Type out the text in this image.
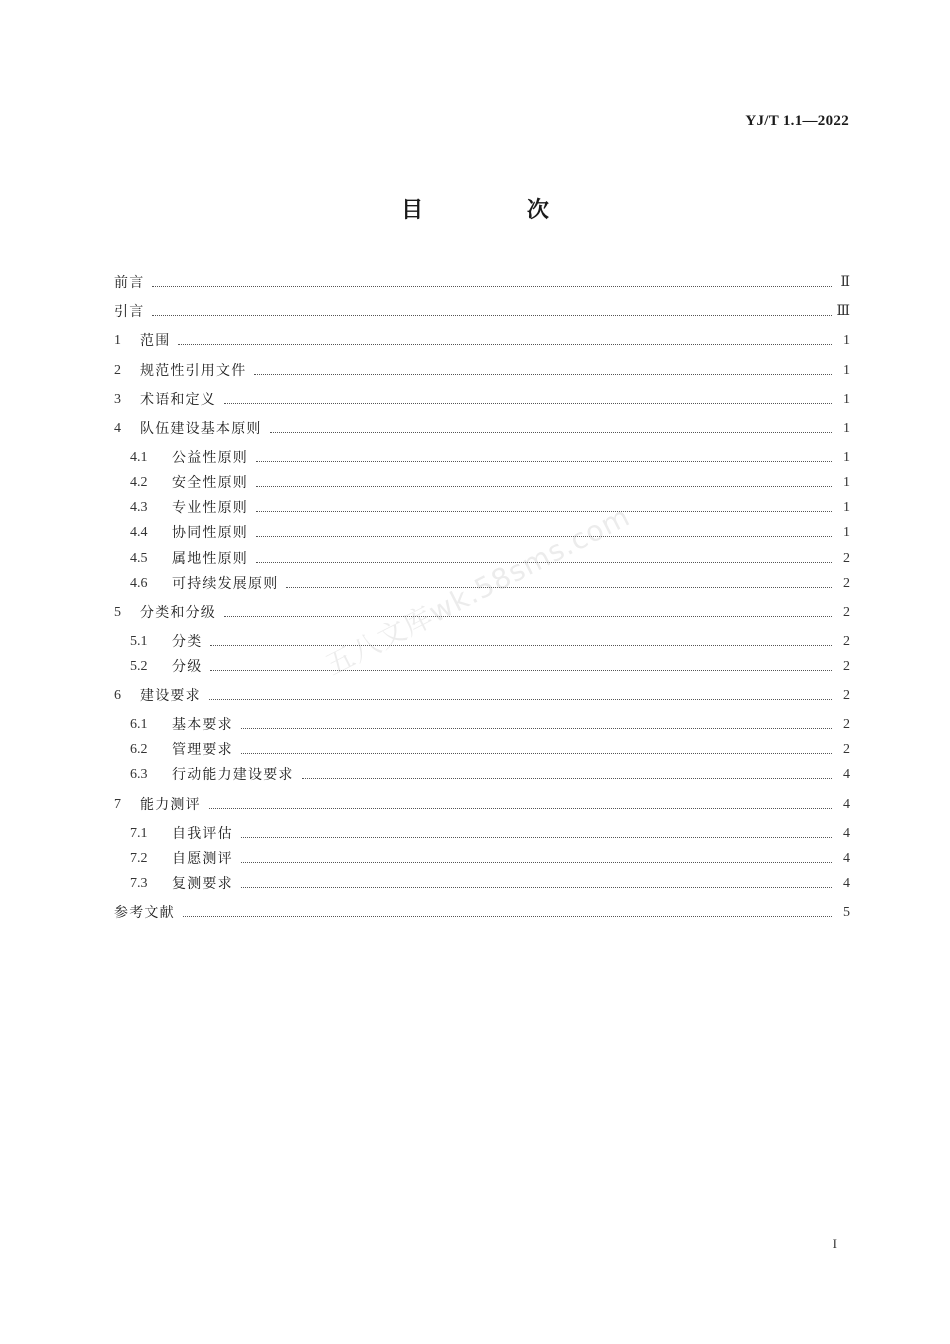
YJ/T 1.1—2022
目 次
前言	Ⅱ
引言	Ⅲ
1	范围	1
2	规范性引用文件	1
3	术语和定义	1
4	队伍建设基本原则	1
4.1	公益性原则	1
4.2	安全性原则	1
4.3	专业性原则	1
4.4	协同性原则	1
4.5	属地性原则	2
4.6	可持续发展原则	2
5	分类和分级	2
5.1	分类	2
5.2	分级	2
6	建设要求	2
6.1	基本要求	2
6.2	管理要求	2
6.3	行动能力建设要求	4
7	能力测评	4
7.1	自我评估	4
7.2	自愿测评	4
7.3	复测要求	4
参考文献	5
五八文库wk.58sms.com
I
